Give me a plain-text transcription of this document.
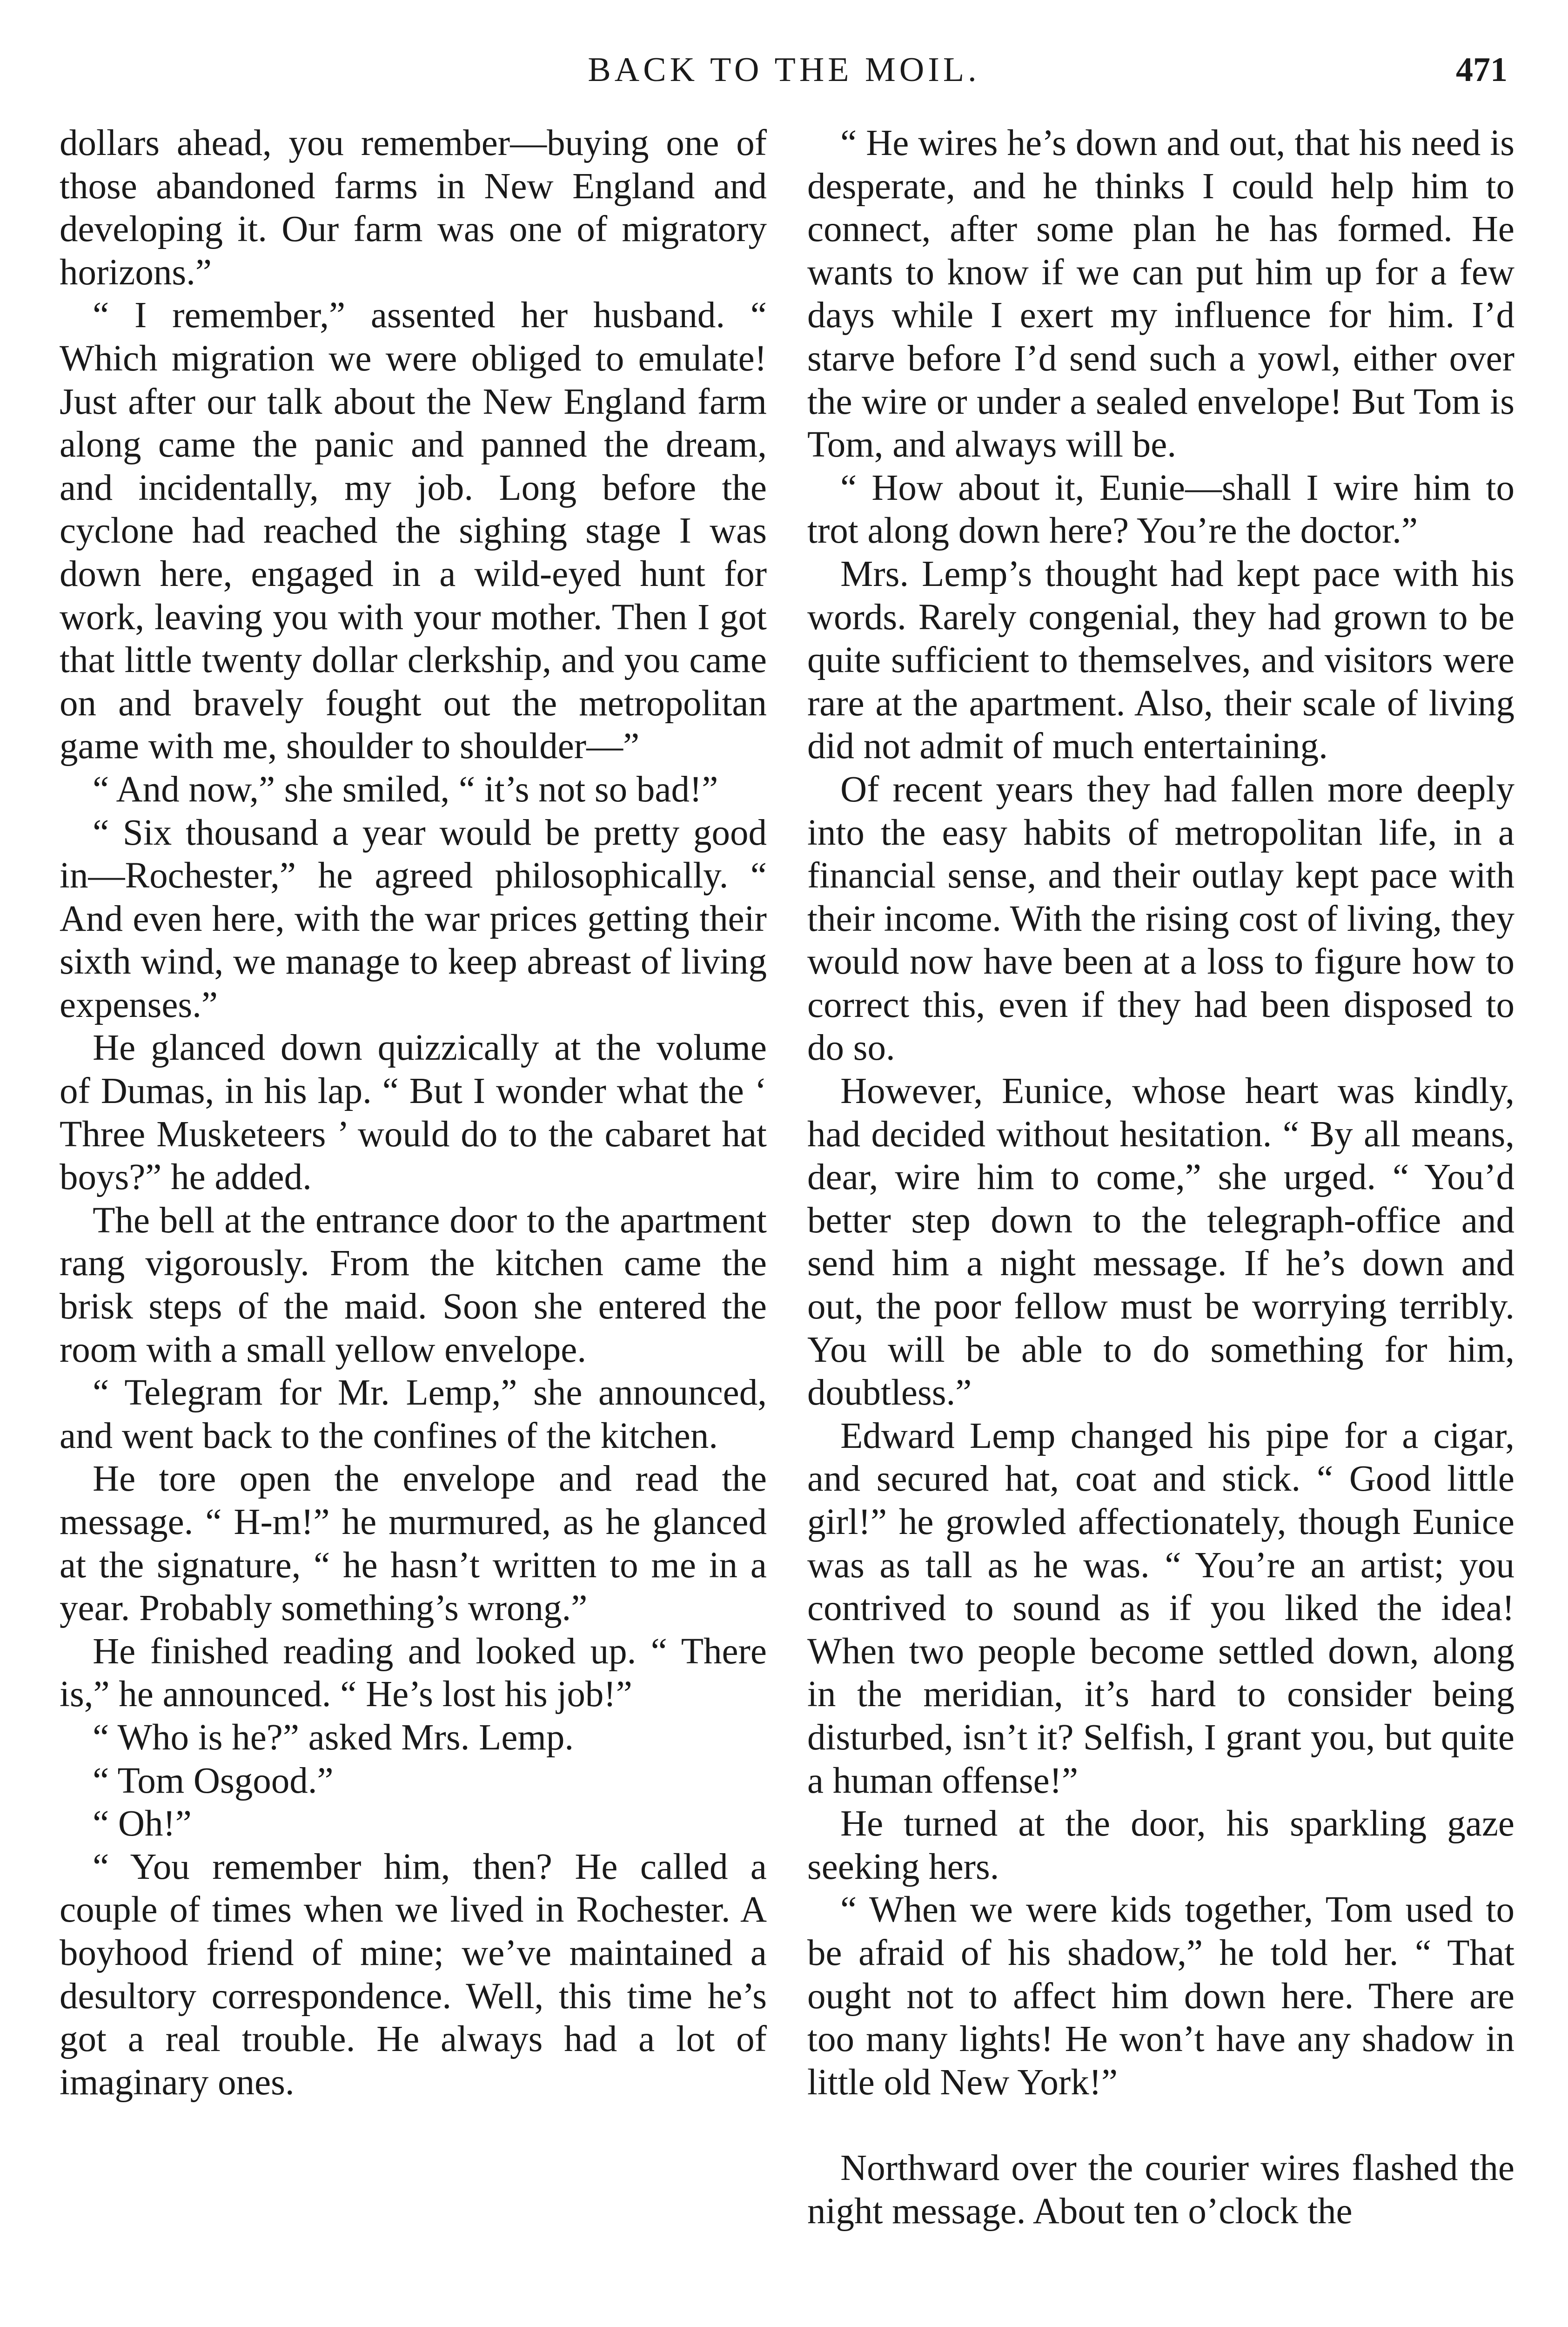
BACK TO THE MOIL.	471

dollars ahead, you remember—buying one of those abandoned farms in New England and developing it. Our farm was one of migratory horizons.”

“ I remember,” assented her husband. “ Which migration we were obliged to emulate! Just after our talk about the New England farm along came the panic and panned the dream, and incidentally, my job. Long before the cyclone had reached the sighing stage I was down here, engaged in a wild-eyed hunt for work, leaving you with your mother. Then I got that little twenty dollar clerkship, and you came on and bravely fought out the metropolitan game with me, shoulder to shoulder—”

“ And now,” she smiled, “ it’s not so bad!”

“ Six thousand a year would be pretty good in—Rochester,” he agreed philosophically. “ And even here, with the war prices getting their sixth wind, we manage to keep abreast of living expenses.”

He glanced down quizzically at the volume of Dumas, in his lap. “ But I wonder what the ‘ Three Musketeers ’ would do to the cabaret hat boys?” he added.

The bell at the entrance door to the apartment rang vigorously. From the kitchen came the brisk steps of the maid. Soon she entered the room with a small yellow envelope.

“ Telegram for Mr. Lemp,” she announced, and went back to the confines of the kitchen.

He tore open the envelope and read the message. “ H-m!” he murmured, as he glanced at the signature, “ he hasn’t written to me in a year. Probably something’s wrong.”

He finished reading and looked up. “ There is,” he announced. “ He’s lost his job!”

“ Who is he?” asked Mrs. Lemp.

“ Tom Osgood.”

“ Oh!”

“ You remember him, then? He called a couple of times when we lived in Rochester. A boyhood friend of mine; we’ve maintained a desultory correspondence. Well, this time he’s got a real trouble. He always had a lot of imaginary ones.

“ He wires he’s down and out, that his need is desperate, and he thinks I could help him to connect, after some plan he has formed. He wants to know if we can put him up for a few days while I exert my influence for him. I’d starve before I’d send such a yowl, either over the wire or under a sealed envelope! But Tom is Tom, and always will be.

“ How about it, Eunie—shall I wire him to trot along down here? You’re the doctor.”

Mrs. Lemp’s thought had kept pace with his words. Rarely congenial, they had grown to be quite sufficient to themselves, and visitors were rare at the apartment. Also, their scale of living did not admit of much entertaining.

Of recent years they had fallen more deeply into the easy habits of metropolitan life, in a financial sense, and their outlay kept pace with their income. With the rising cost of living, they would now have been at a loss to figure how to correct this, even if they had been disposed to do so.

However, Eunice, whose heart was kindly, had decided without hesitation. “ By all means, dear, wire him to come,” she urged. “ You’d better step down to the telegraph-office and send him a night message. If he’s down and out, the poor fellow must be worrying terribly. You will be able to do something for him, doubtless.”

Edward Lemp changed his pipe for a cigar, and secured hat, coat and stick. “ Good little girl!” he growled affectionately, though Eunice was as tall as he was. “ You’re an artist; you contrived to sound as if you liked the idea! When two people become settled down, along in the meridian, it’s hard to consider being disturbed, isn’t it? Selfish, I grant you, but quite a human offense!”

He turned at the door, his sparkling gaze seeking hers.

“ When we were kids together, Tom used to be afraid of his shadow,” he told her. “ That ought not to affect him down here. There are too many lights! He won’t have any shadow in little old New York!”

Northward over the courier wires flashed the night message. About ten o’clock the
